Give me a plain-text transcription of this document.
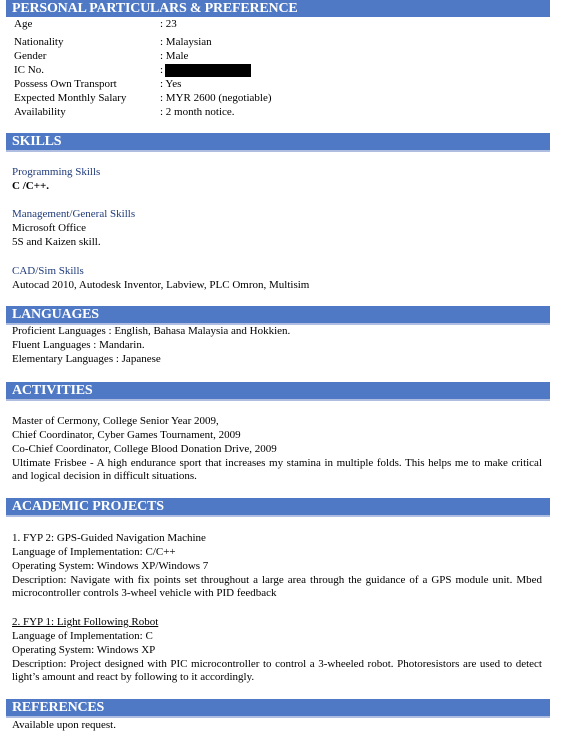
PERSONAL PARTICULARS & PREFERENCE
Age	: 23
Nationality	: Malaysian
Gender	: Male
IC No.	:
Possess Own Transport	: Yes
Expected Monthly Salary	: MYR 2600 (negotiable)
Availability	: 2 month notice.
SKILLS
Programming Skills
C /C++.
Management/General Skills
Microsoft Office
5S and Kaizen skill.
CAD/Sim Skills
Autocad 2010, Autodesk Inventor, Labview, PLC Omron, Multisim
LANGUAGES
Proficient Languages : English, Bahasa Malaysia and Hokkien.
Fluent Languages : Mandarin.
Elementary Languages : Japanese
ACTIVITIES
Master of Cermony, College Senior Year 2009,
Chief Coordinator, Cyber Games Tournament, 2009
Co-Chief Coordinator, College Blood Donation Drive, 2009
Ultimate Frisbee - A high endurance sport that increases my stamina in multiple folds. This helps me to make critical and logical decision in difficult situations.
ACADEMIC PROJECTS
1. FYP 2: GPS-Guided Navigation Machine
Language of Implementation: C/C++
Operating System: Windows XP/Windows 7
Description: Navigate with fix points set throughout a large area through the guidance of a GPS module unit. Mbed microcontroller controls 3-wheel vehicle with PID feedback
2. FYP 1: Light Following Robot
Language of Implementation: C
Operating System: Windows XP
Description: Project designed with PIC microcontroller to control a 3-wheeled robot. Photoresistors are used to detect light’s amount and react by following to it accordingly.
REFERENCES
Available upon request.
